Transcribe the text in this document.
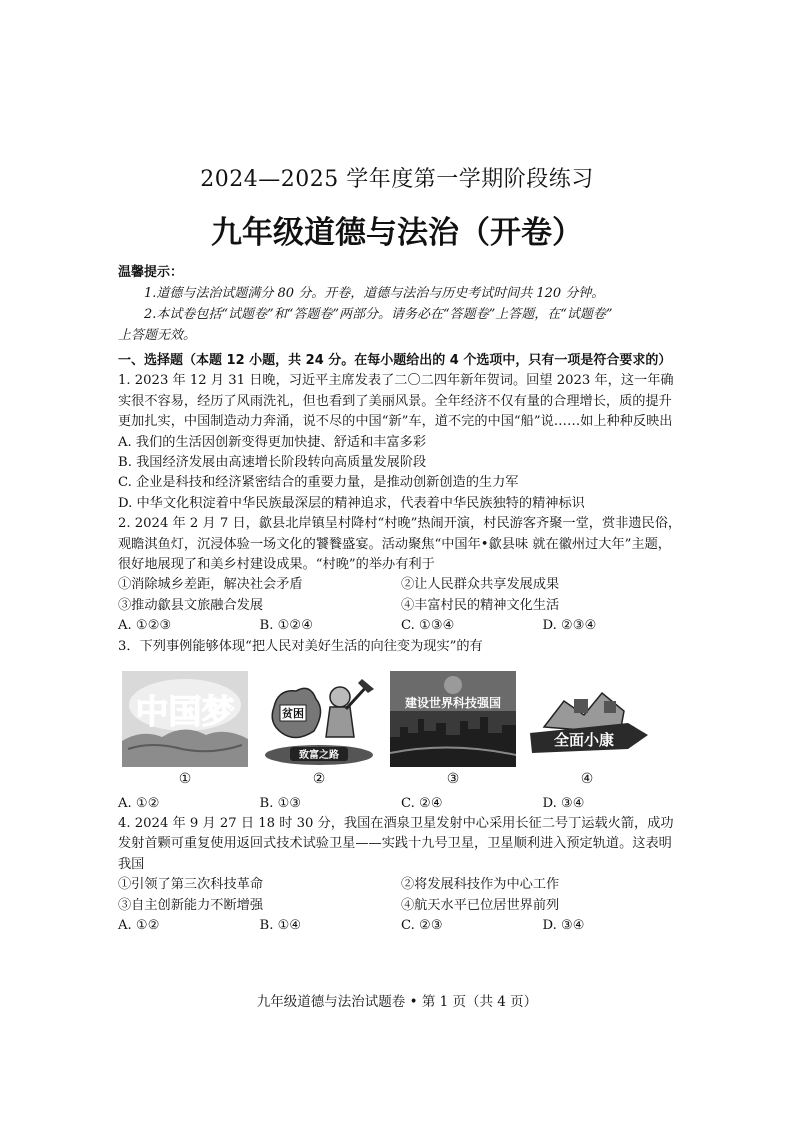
2024—2025 学年度第一学期阶段练习
九年级道德与法治（开卷）
温馨提示：
1.道德与法治试题满分 80 分。开卷，道德与法治与历史考试时间共 120 分钟。
2.本试卷包括“试题卷”和“答题卷”两部分。请务必在“答题卷”上答题，在“试题卷”
上答题无效。
一、选择题（本题 12 小题，共 24 分。在每小题给出的 4 个选项中，只有一项是符合要求的）
1. 2023 年 12 月 31 日晚，习近平主席发表了二〇二四年新年贺词。回望 2023 年，这一年确实很不容易，经历了风雨洗礼，但也看到了美丽风景。全年经济不仅有量的合理增长，质的提升更加扎实，中国制造动力奔涌，说不尽的中国“新”车，道不完的中国“船”说……如上种种反映出
A. 我们的生活因创新变得更加快捷、舒适和丰富多彩
B. 我国经济发展由高速增长阶段转向高质量发展阶段
C. 企业是科技和经济紧密结合的重要力量，是推动创新创造的生力军
D. 中华文化积淀着中华民族最深层的精神追求，代表着中华民族独特的精神标识
2. 2024 年 2 月 7 日，歙县北岸镇呈村降村“村晚”热闹开演，村民游客齐聚一堂，赏非遗民俗，观瞻淇鱼灯，沉浸体验一场文化的饕餮盛宴。活动聚焦“中国年•歙县味 就在徽州过大年”主题，很好地展现了和美乡村建设成果。“村晚”的举办有利于
①消除城乡差距，解决社会矛盾	②让人民群众共享发展成果
③推动歙县文旅融合发展	④丰富村民的精神文化生活
A. ①②③	B. ①②④	C. ①③④	D. ②③④
3．下列事例能够体现“把人民对美好生活的向往变为现实”的有
中国梦
①
贫困
致富之路
②
建设世界科技强国
③
全面小康
④
A. ①②	B. ①③	C. ②④	D. ③④
4. 2024 年 9 月 27 日 18 时 30 分，我国在酒泉卫星发射中心采用长征二号丁运载火箭，成功发射首颗可重复使用返回式技术试验卫星——实践十九号卫星，卫星顺利进入预定轨道。这表明我国
①引领了第三次科技革命	②将发展科技作为中心工作
③自主创新能力不断增强	④航天水平已位居世界前列
A. ①②	B. ①④	C. ②③	D. ③④
九年级道德与法治试题卷 • 第 1 页（共 4 页）
